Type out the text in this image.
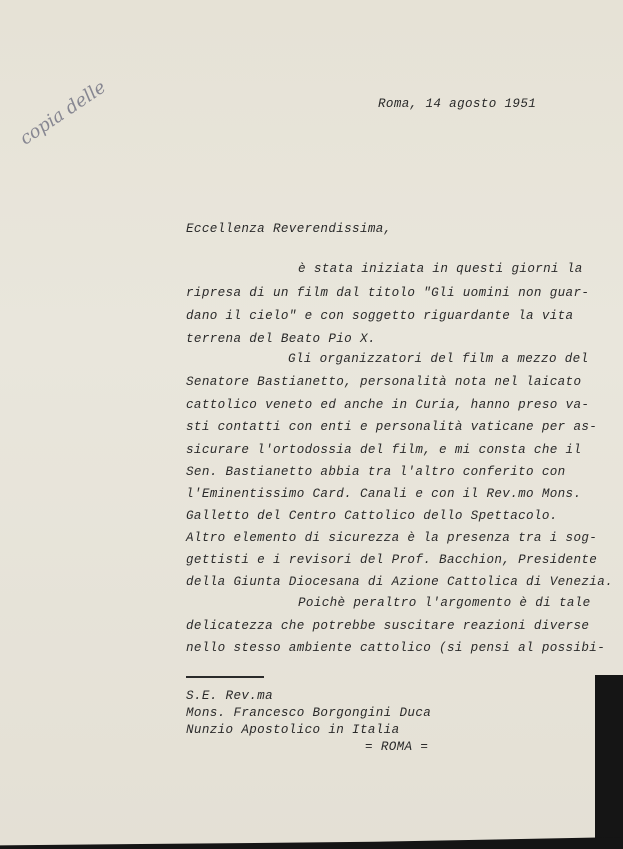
copia delle	Roma, 14 agosto 1951
Eccellenza Reverendissima,
è stata iniziata in questi giorni la
ripresa di un film dal titolo "Gli uomini non guar-
dano il cielo" e con soggetto riguardante la vita
terrena del Beato Pio X.
Gli organizzatori del film a mezzo del
Senatore Bastianetto, personalità nota nel laicato
cattolico veneto ed anche in Curia, hanno preso va-
sti contatti con enti e personalità vaticane per as-
sicurare l'ortodossia del film, e mi consta che il
Sen. Bastianetto abbia tra l'altro conferito con
l'Eminentissimo Card. Canali e con il Rev.mo Mons.
Galletto del Centro Cattolico dello Spettacolo.
Altro elemento di sicurezza è la presenza tra i sog-
gettisti e i revisori del Prof. Bacchion, Presidente
della Giunta Diocesana di Azione Cattolica di Venezia.
Poichè peraltro l'argomento è di tale
delicatezza che potrebbe suscitare reazioni diverse
nello stesso ambiente cattolico (si pensi al possibi-
S.E. Rev.ma
Mons. Francesco Borgongini Duca
Nunzio Apostolico in Italia
= ROMA =
